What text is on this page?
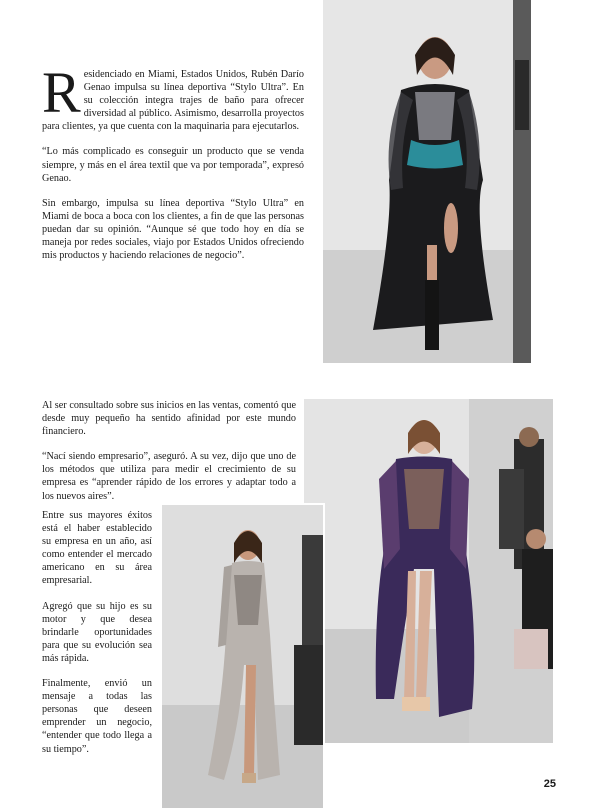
Residenciado en Miami, Estados Unidos, Rubén Darío Genao impulsa su línea deportiva “Stylo Ultra”. En su colección integra trajes de baño para ofrecer diversidad al público. Asimismo, desarrolla proyectos para clientes, ya que cuenta con la maquinaria para ejecutarlos.

“Lo más complicado es conseguir un producto que se venda siempre, y más en el área textil que va por temporada”, expresó Genao.

Sin embargo, impulsa su línea deportiva “Stylo Ultra” en Miami de boca a boca con los clientes, a fin de que las personas puedan dar su opinión. “Aunque sé que todo hoy en día se maneja por redes sociales, viajo por Estados Unidos ofreciendo mis productos y haciendo relaciones de negocio”.

Al ser consultado sobre sus inicios en las ventas, comentó que desde muy pequeño ha sentido afinidad por este mundo financiero.

“Nací siendo empresario”, aseguró. A su vez, dijo que uno de los métodos que utiliza para medir el crecimiento de su empresa es “aprender rápido de los errores y adaptar todo a los nuevos aires”.

Entre sus mayores éxitos está el haber establecido su empresa en un año, así como entender el mercado americano en su área empresarial.

Agregó que su hijo es su motor y que desea brindarle oportunidades para que su evolución sea más rápida.

Finalmente, envió un mensaje a todas las personas que deseen emprender un negocio, “entender que todo llega a su tiempo”.

25
